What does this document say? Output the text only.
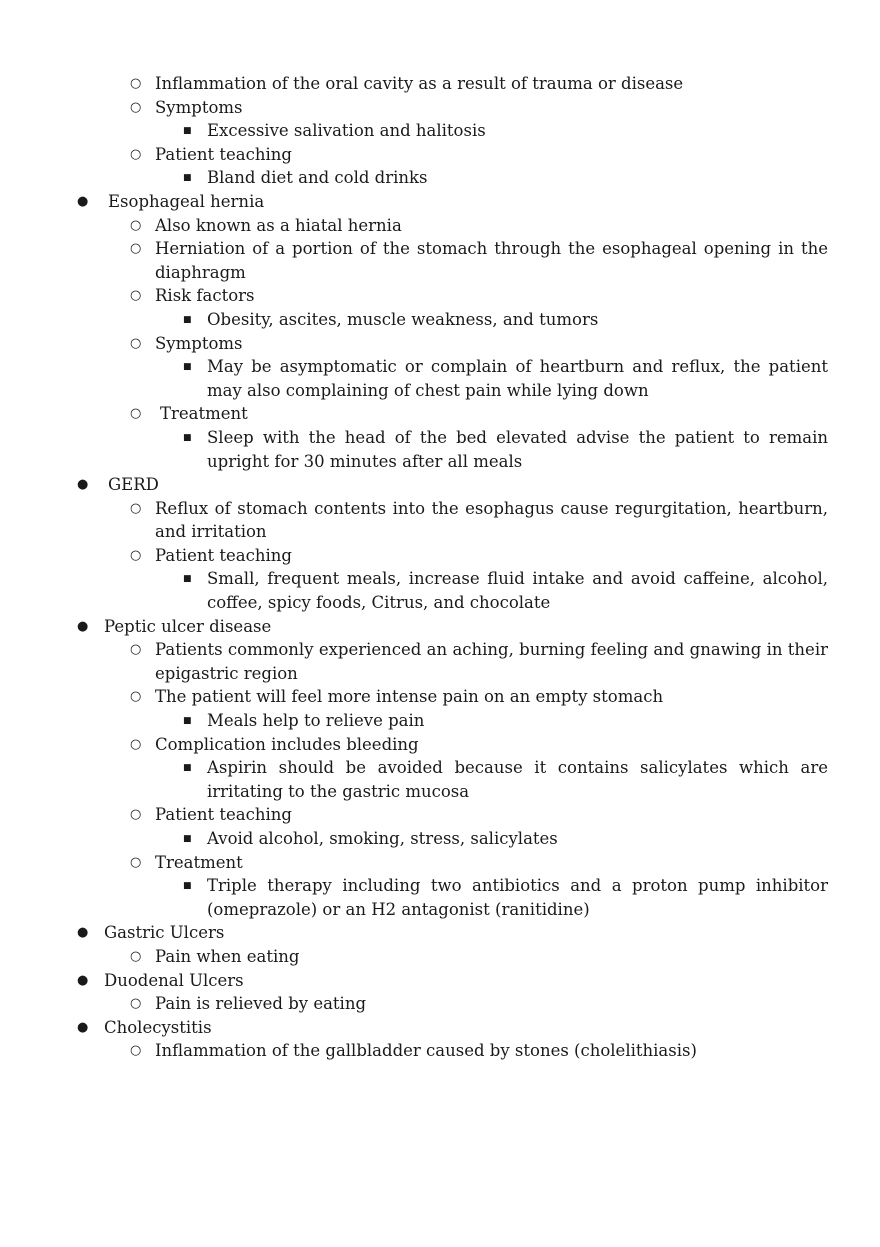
○ Inflammation of the oral cavity as a result of trauma or disease
○ Symptoms
■ Excessive salivation and halitosis
○ Patient teaching
■ Bland diet and cold drinks
● Esophageal hernia
○ Also known as a hiatal hernia
○ Herniation of a portion of the stomach through the esophageal opening in the diaphragm
○ Risk factors
■ Obesity, ascites, muscle weakness, and tumors
○ Symptoms
■ May be asymptomatic or complain of heartburn and reflux, the patient may also complaining of chest pain while lying down
○ Treatment
■ Sleep with the head of the bed elevated advise the patient to remain upright for 30 minutes after all meals
● GERD
○ Reflux of stomach contents into the esophagus cause regurgitation, heartburn, and irritation
○ Patient teaching
■ Small, frequent meals, increase fluid intake and avoid caffeine, alcohol, coffee, spicy foods, Citrus, and chocolate
● Peptic ulcer disease
○ Patients commonly experienced an aching, burning feeling and gnawing in their epigastric region
○ The patient will feel more intense pain on an empty stomach
■ Meals help to relieve pain
○ Complication includes bleeding
■ Aspirin should be avoided because it contains salicylates which are irritating to the gastric mucosa
○ Patient teaching
■ Avoid alcohol, smoking, stress, salicylates
○ Treatment
■ Triple therapy including two antibiotics and a proton pump inhibitor (omeprazole) or an H2 antagonist (ranitidine)
● Gastric Ulcers
○ Pain when eating
● Duodenal Ulcers
○ Pain is relieved by eating
● Cholecystitis
○ Inflammation of the gallbladder caused by stones (cholelithiasis)
